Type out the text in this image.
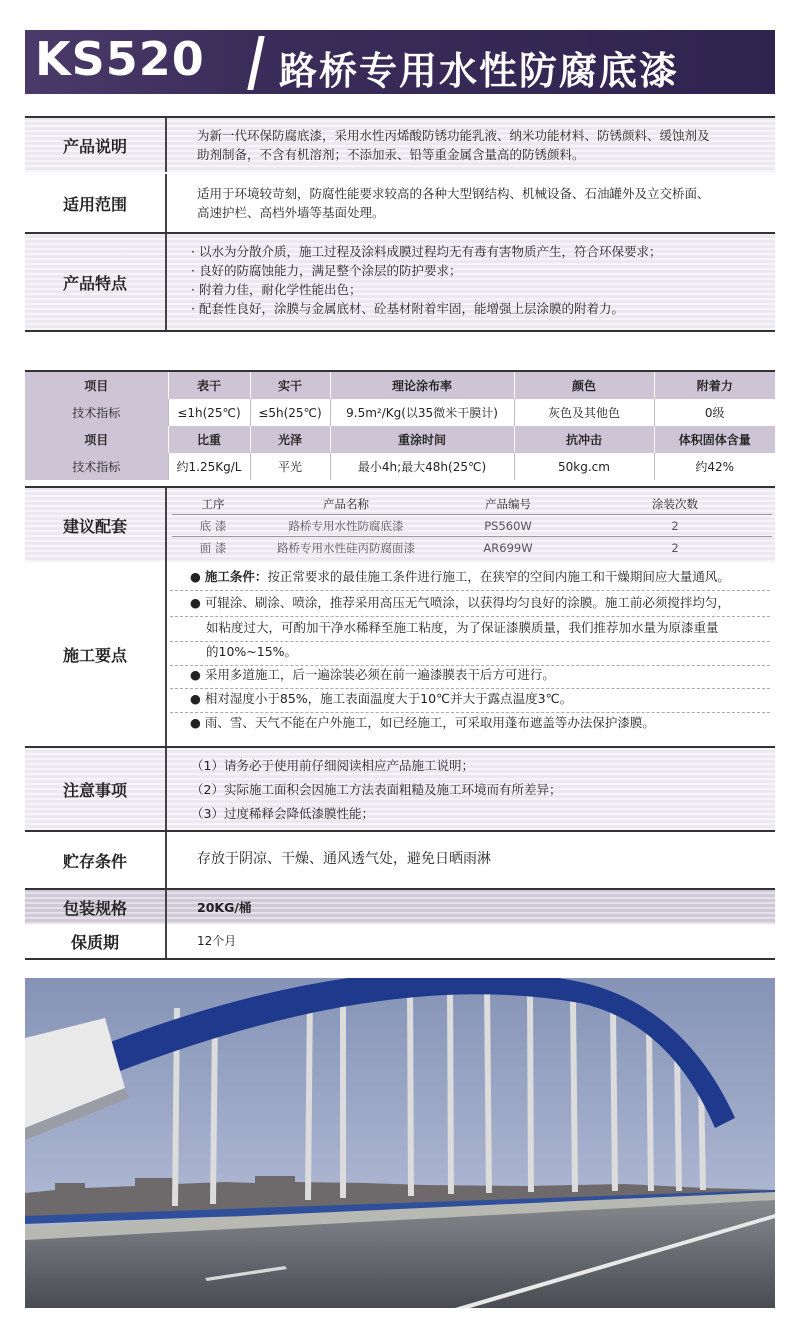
KS520 路桥专用水性防腐底漆
产品说明
为新一代环保防腐底漆，采用水性丙烯酸防锈功能乳液、纳米功能材料、防锈颜料、缓蚀剂及
助剂制备，不含有机溶剂；不添加汞、铅等重金属含量高的防锈颜料。
适用范围
适用于环境较苛刻，防腐性能要求较高的各种大型钢结构、机械设备、石油罐外及立交桥面、
高速护栏、高档外墙等基面处理。
产品特点
· 以水为分散介质，施工过程及涂料成膜过程均无有毒有害物质产生，符合环保要求；
· 良好的防腐蚀能力，满足整个涂层的防护要求；
· 附着力佳，耐化学性能出色；
· 配套性良好，涂膜与金属底材、砼基材附着牢固，能增强上层涂膜的附着力。
项目	表干	实干	理论涂布率	颜色	附着力
技术指标	≤1h(25℃)	≤5h(25℃)	9.5m²/Kg(以35微米干膜计)	灰色及其他色	0级
项目	比重	光泽	重涂时间	抗冲击	体积固体含量
技术指标	约1.25Kg/L	平光	最小4h;最大48h(25℃)	50kg.cm	约42%
建议配套
工序	产品名称	产品编号	涂装次数
底 漆	路桥专用水性防腐底漆	PS560W	2
面 漆	路桥专用水性硅丙防腐面漆	AR699W	2
施工要点
● 施工条件：按正常要求的最佳施工条件进行施工，在狭窄的空间内施工和干燥期间应大量通风。
● 可辊涂、刷涂、喷涂，推荐采用高压无气喷涂，以获得均匀良好的涂膜。施工前必须搅拌均匀，
如粘度过大，可酌加干净水稀释至施工粘度，为了保证漆膜质量，我们推荐加水量为原漆重量
的10%~15%。
● 采用多道施工，后一遍涂装必须在前一遍漆膜表干后方可进行。
● 相对湿度小于85%，施工表面温度大于10℃并大于露点温度3℃。
● 雨、雪、天气不能在户外施工，如已经施工，可采取用蓬布遮盖等办法保护漆膜。
注意事项
（1）请务必于使用前仔细阅读相应产品施工说明；
（2）实际施工面积会因施工方法表面粗糙及施工环境而有所差异；
（3）过度稀释会降低漆膜性能；
贮存条件	存放于阴凉、干燥、通风透气处，避免日晒雨淋
包装规格	20KG/桶
保质期	12个月
